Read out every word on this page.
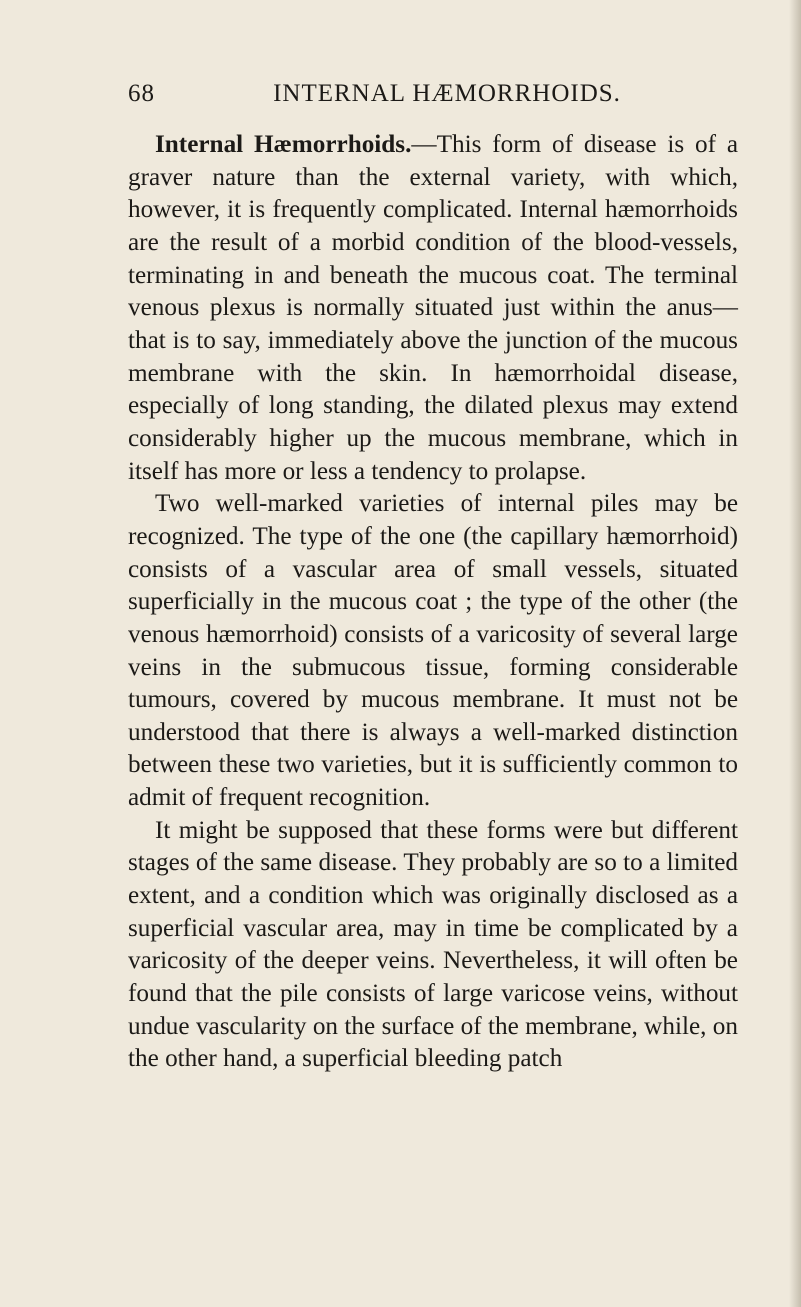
68	INTERNAL HÆMORRHOIDS.

Internal Hæmorrhoids.—This form of disease is of a graver nature than the external variety, with which, however, it is frequently complicated. Internal hæmorrhoids are the result of a morbid condition of the blood-vessels, terminating in and beneath the mucous coat. The terminal venous plexus is normally situated just within the anus—that is to say, immediately above the junction of the mucous membrane with the skin. In hæmorrhoidal disease, especially of long standing, the dilated plexus may extend considerably higher up the mucous membrane, which in itself has more or less a tendency to prolapse.

Two well-marked varieties of internal piles may be recognized. The type of the one (the capillary hæmorrhoid) consists of a vascular area of small vessels, situated superficially in the mucous coat ; the type of the other (the venous hæmorrhoid) consists of a varicosity of several large veins in the submucous tissue, forming considerable tumours, covered by mucous membrane. It must not be understood that there is always a well-marked distinction between these two varieties, but it is sufficiently common to admit of frequent recognition.

It might be supposed that these forms were but different stages of the same disease. They probably are so to a limited extent, and a condition which was originally disclosed as a superficial vascular area, may in time be complicated by a varicosity of the deeper veins. Nevertheless, it will often be found that the pile consists of large varicose veins, without undue vascularity on the surface of the membrane, while, on the other hand, a superficial bleeding patch
